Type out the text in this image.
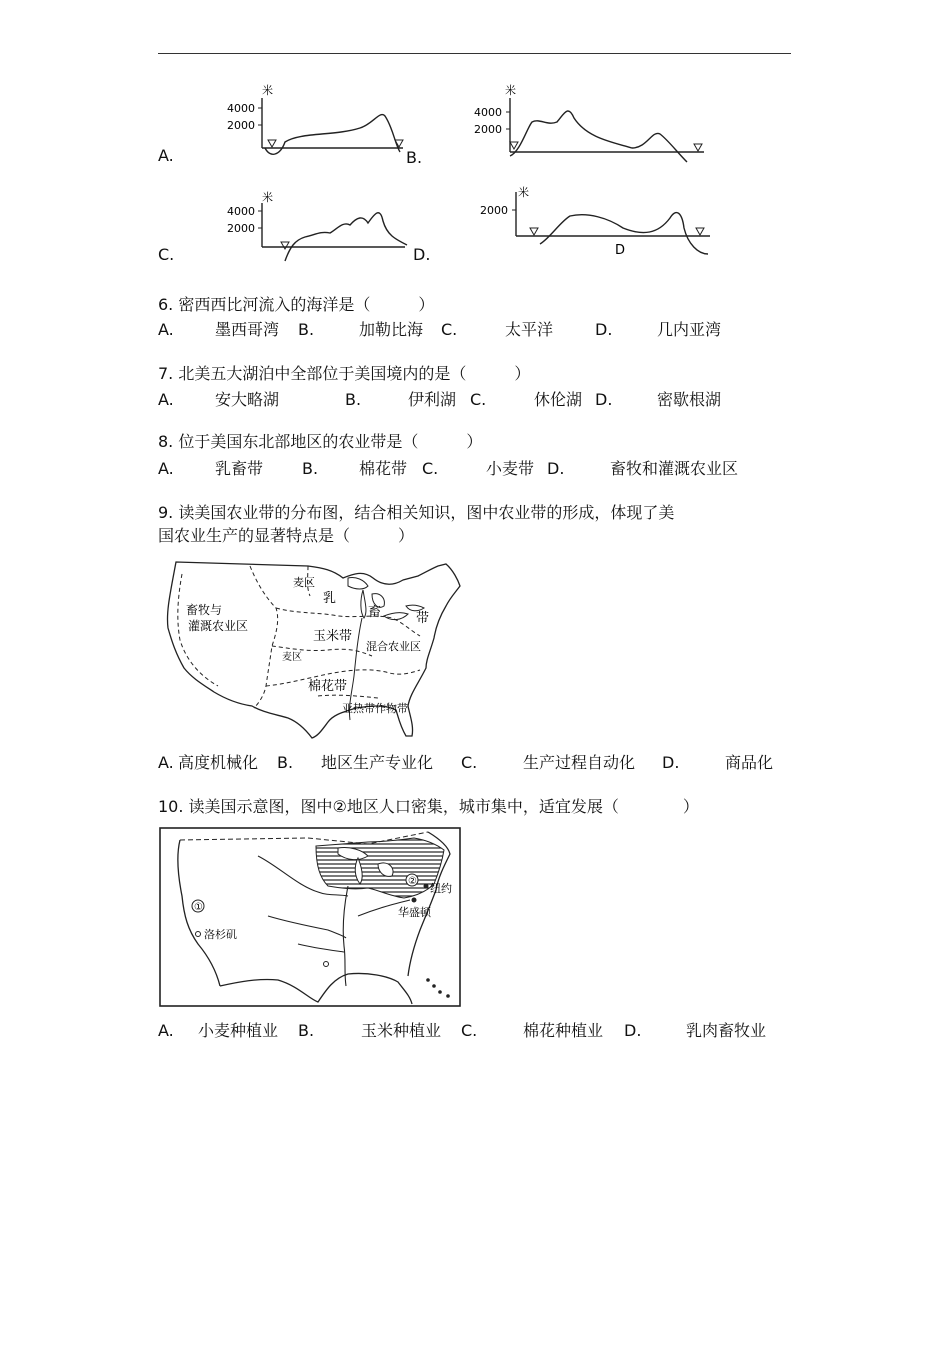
A.	B.
C.	D.
米
4000
2000
米
4000
2000
米
4000
2000
米
2000
D
6. 密西西比河流入的海洋是（　　　）
A.	墨西哥湾 B.	加勒比海 C.	太平洋	D.	几内亚湾
7. 北美五大湖泊中全部位于美国境内的是（　　　）
A.	安大略湖	B.	伊利湖 C.	休伦湖 D.	密歇根湖
8. 位于美国东北部地区的农业带是（　　　）
A.	乳畜带 B.	棉花带 C.	小麦带 D.	畜牧和灌溉农业区
9. 读美国农业带的分布图，结合相关知识，图中农业带的形成，体现了美
国农业生产的显著特点是（　　　）
麦区
乳
畜	带
畜牧与
灌溉农业区
玉米带
混合农业区
麦区
棉花带
亚热带作物带
A. 高度机械化 B. 地区生产专业化 C.	生产过程自动化 D.	商品化
10. 读美国示意图，图中②地区人口密集，城市集中，适宜发展（　　　　）
①
②
洛杉矶
纽约
华盛顿
A. 小麦种植业 B.	玉米种植业 C.	棉花种植业 D.	乳肉畜牧业
